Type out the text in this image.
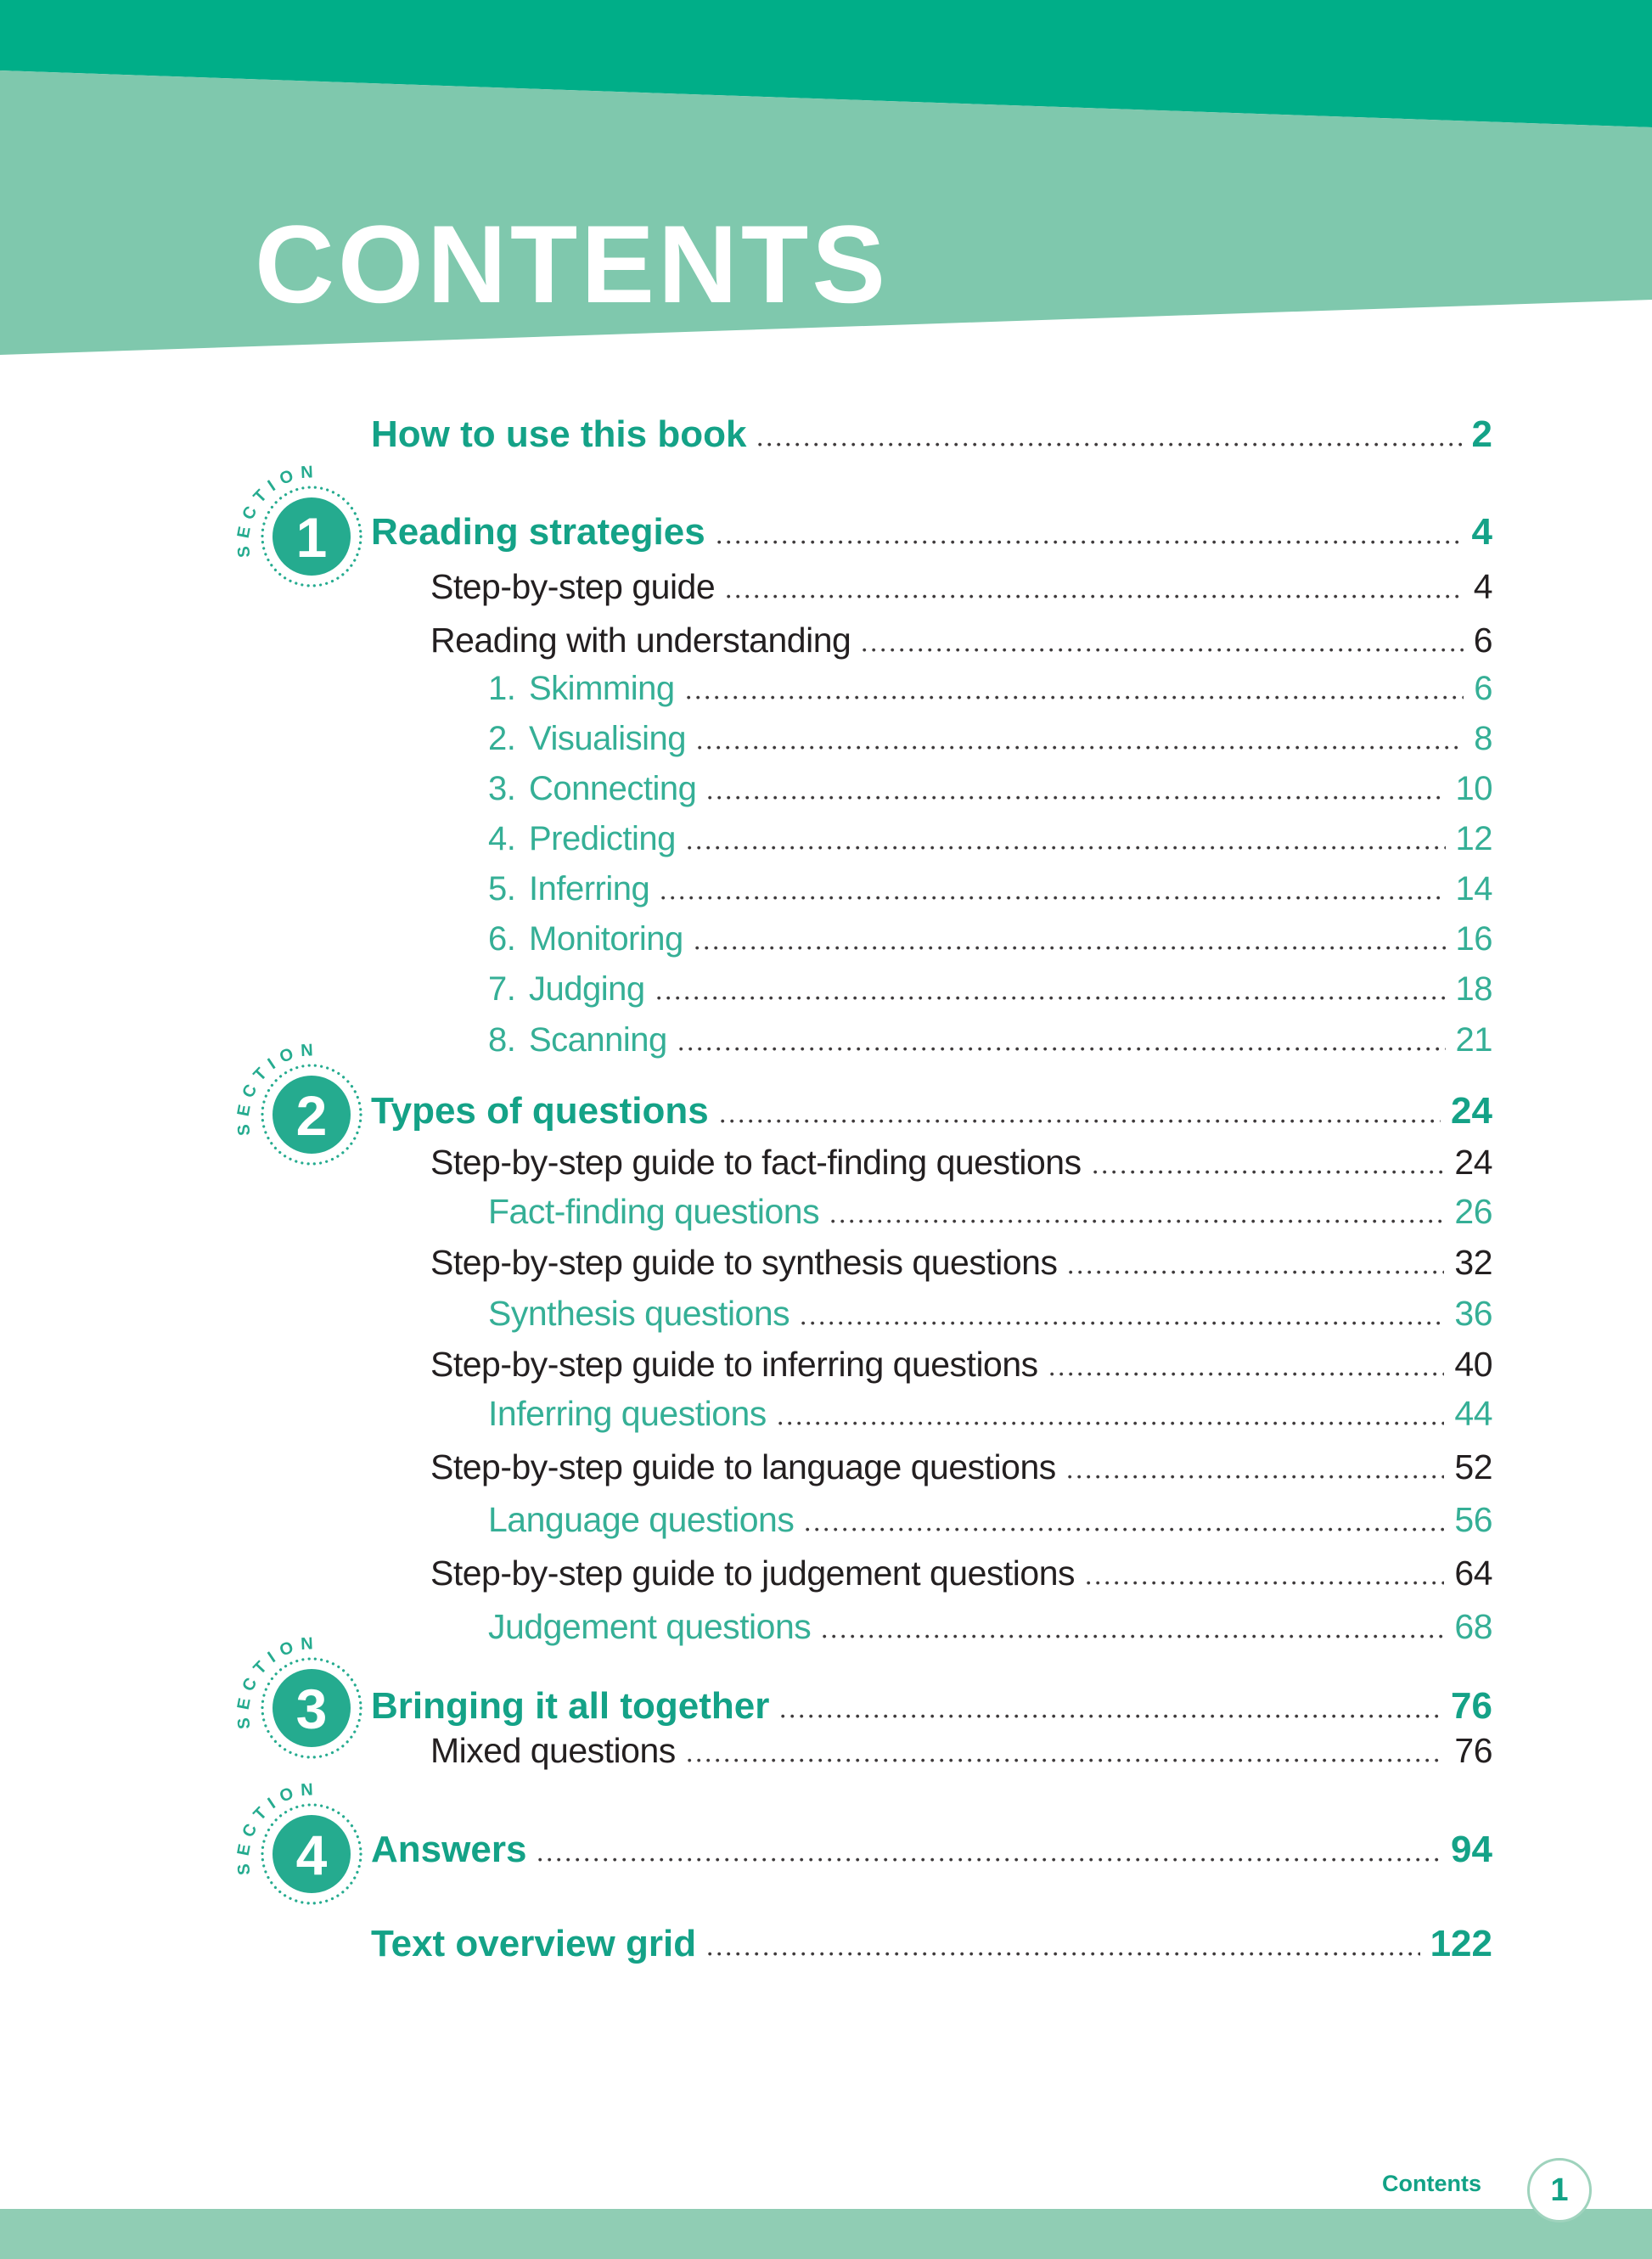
CONTENTS
How to use this book	2
Reading strategies	4
SECTION
1
Step-by-step guide	4
Reading with understanding	6
1. Skimming	6
2. Visualising	8
3. Connecting	10
4. Predicting	12
5. Inferring	14
6. Monitoring	16
7. Judging	18
8. Scanning	21
Types of questions	24
SECTION
2
Step-by-step guide to fact-finding questions	24
Fact-finding questions	26
Step-by-step guide to synthesis questions	32
Synthesis questions	36
Step-by-step guide to inferring questions	40
Inferring questions	44
Step-by-step guide to language questions	52
Language questions	56
Step-by-step guide to judgement questions	64
Judgement questions	68
Bringing it all together	76
SECTION
3
Mixed questions	76
Answers	94
SECTION
4
Text overview grid	122
Contents 1
